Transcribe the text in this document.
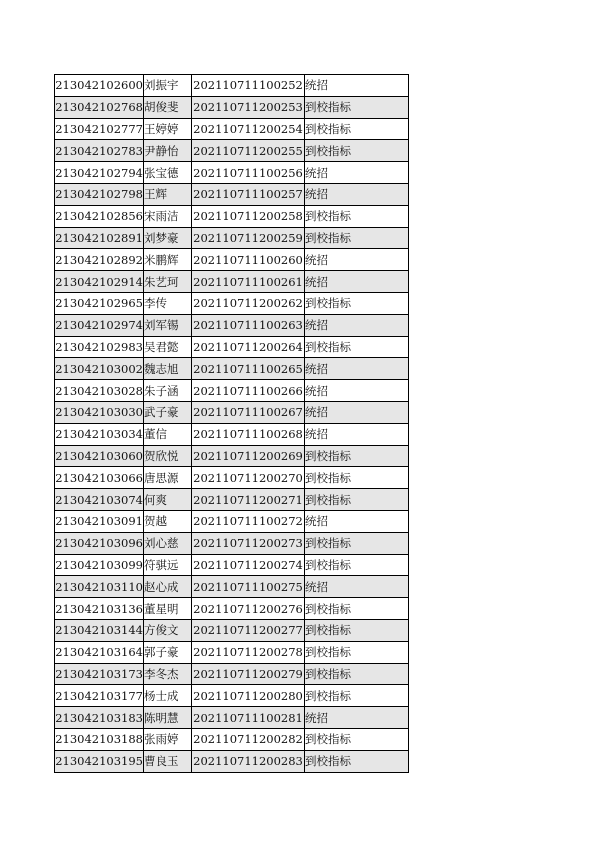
213042102600	刘振宇	202110711100252	统招
213042102768	胡俊斐	202110711200253	到校指标
213042102777	王婷婷	202110711200254	到校指标
213042102783	尹静怡	202110711200255	到校指标
213042102794	张宝德	202110711100256	统招
213042102798	王辉	202110711100257	统招
213042102856	宋雨洁	202110711200258	到校指标
213042102891	刘梦豪	202110711200259	到校指标
213042102892	米鹏辉	202110711100260	统招
213042102914	朱艺珂	202110711100261	统招
213042102965	李传	202110711200262	到校指标
213042102974	刘军锡	202110711100263	统招
213042102983	吴君懿	202110711200264	到校指标
213042103002	魏志旭	202110711100265	统招
213042103028	朱子涵	202110711100266	统招
213042103030	武子豪	202110711100267	统招
213042103034	董信	202110711100268	统招
213042103060	贺欣悦	202110711200269	到校指标
213042103066	唐思源	202110711200270	到校指标
213042103074	何爽	202110711200271	到校指标
213042103091	贺越	202110711100272	统招
213042103096	刘心慈	202110711200273	到校指标
213042103099	符骐远	202110711200274	到校指标
213042103110	赵心成	202110711100275	统招
213042103136	董星明	202110711200276	到校指标
213042103144	方俊文	202110711200277	到校指标
213042103164	郭子豪	202110711200278	到校指标
213042103173	李冬杰	202110711200279	到校指标
213042103177	杨士成	202110711200280	到校指标
213042103183	陈明慧	202110711100281	统招
213042103188	张雨婷	202110711200282	到校指标
213042103195	曹良玉	202110711200283	到校指标
